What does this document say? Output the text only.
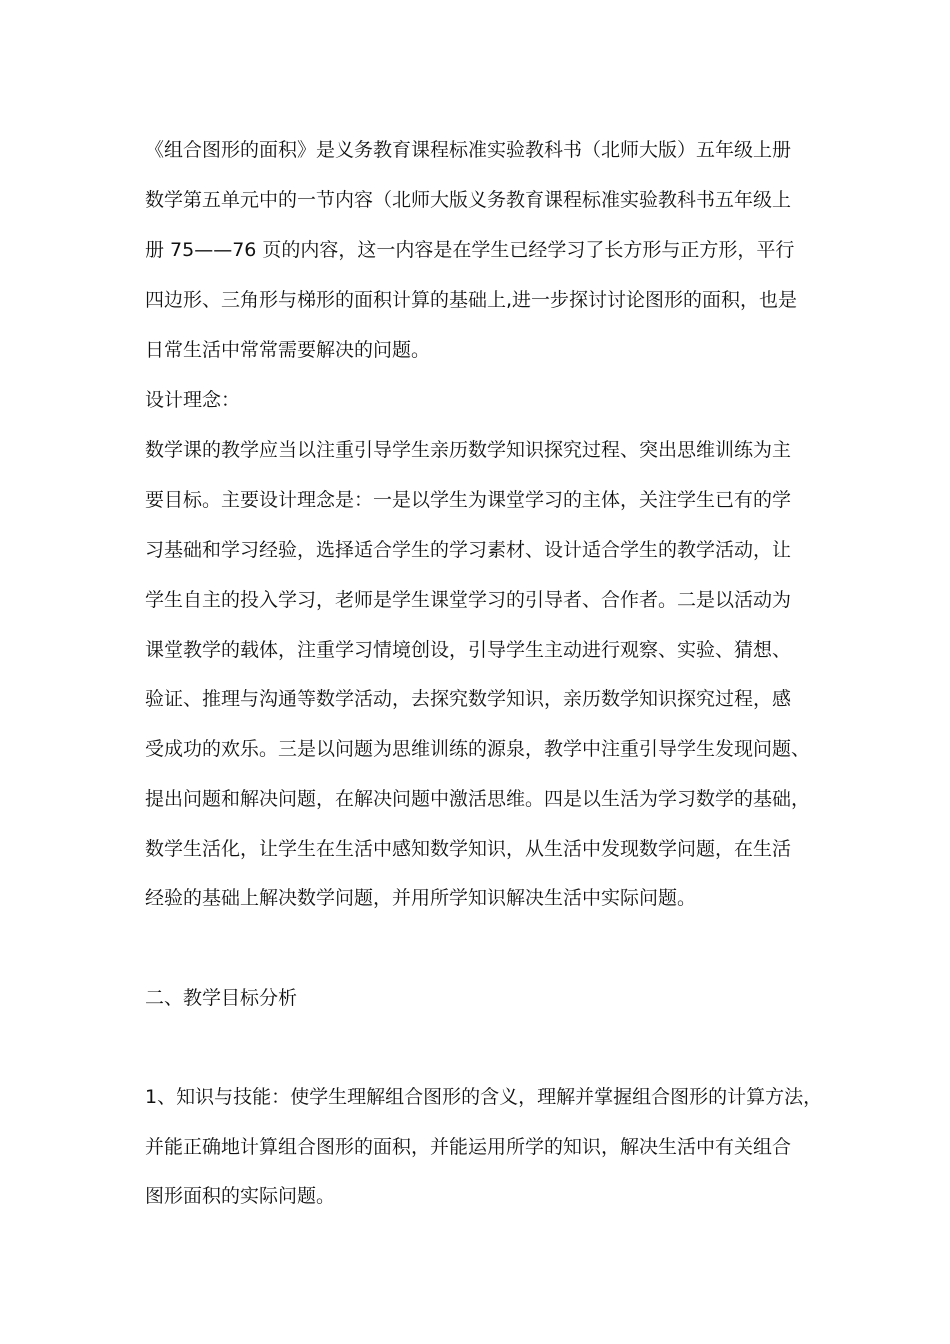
《组合图形的面积》是义务教育课程标准实验教科书（北师大版）五年级上册
数学第五单元中的一节内容（北师大版义务教育课程标准实验教科书五年级上
册 75——76 页的内容，这一内容是在学生已经学习了长方形与正方形，平行
四边形、三角形与梯形的面积计算的基础上,进一步探讨讨论图形的面积，也是
日常生活中常常需要解决的问题。
设计理念：
数学课的教学应当以注重引导学生亲历数学知识探究过程、突出思维训练为主
要目标。主要设计理念是：一是以学生为课堂学习的主体，关注学生已有的学
习基础和学习经验，选择适合学生的学习素材、设计适合学生的教学活动，让
学生自主的投入学习，老师是学生课堂学习的引导者、合作者。二是以活动为
课堂教学的载体，注重学习情境创设，引导学生主动进行观察、实验、猜想、
验证、推理与沟通等数学活动，去探究数学知识，亲历数学知识探究过程，感
受成功的欢乐。三是以问题为思维训练的源泉，教学中注重引导学生发现问题、
提出问题和解决问题，在解决问题中激活思维。四是以生活为学习数学的基础，
数学生活化，让学生在生活中感知数学知识，从生活中发现数学问题，在生活
经验的基础上解决数学问题，并用所学知识解决生活中实际问题。
二、教学目标分析
1、知识与技能：使学生理解组合图形的含义，理解并掌握组合图形的计算方法，
并能正确地计算组合图形的面积，并能运用所学的知识，解决生活中有关组合
图形面积的实际问题。
